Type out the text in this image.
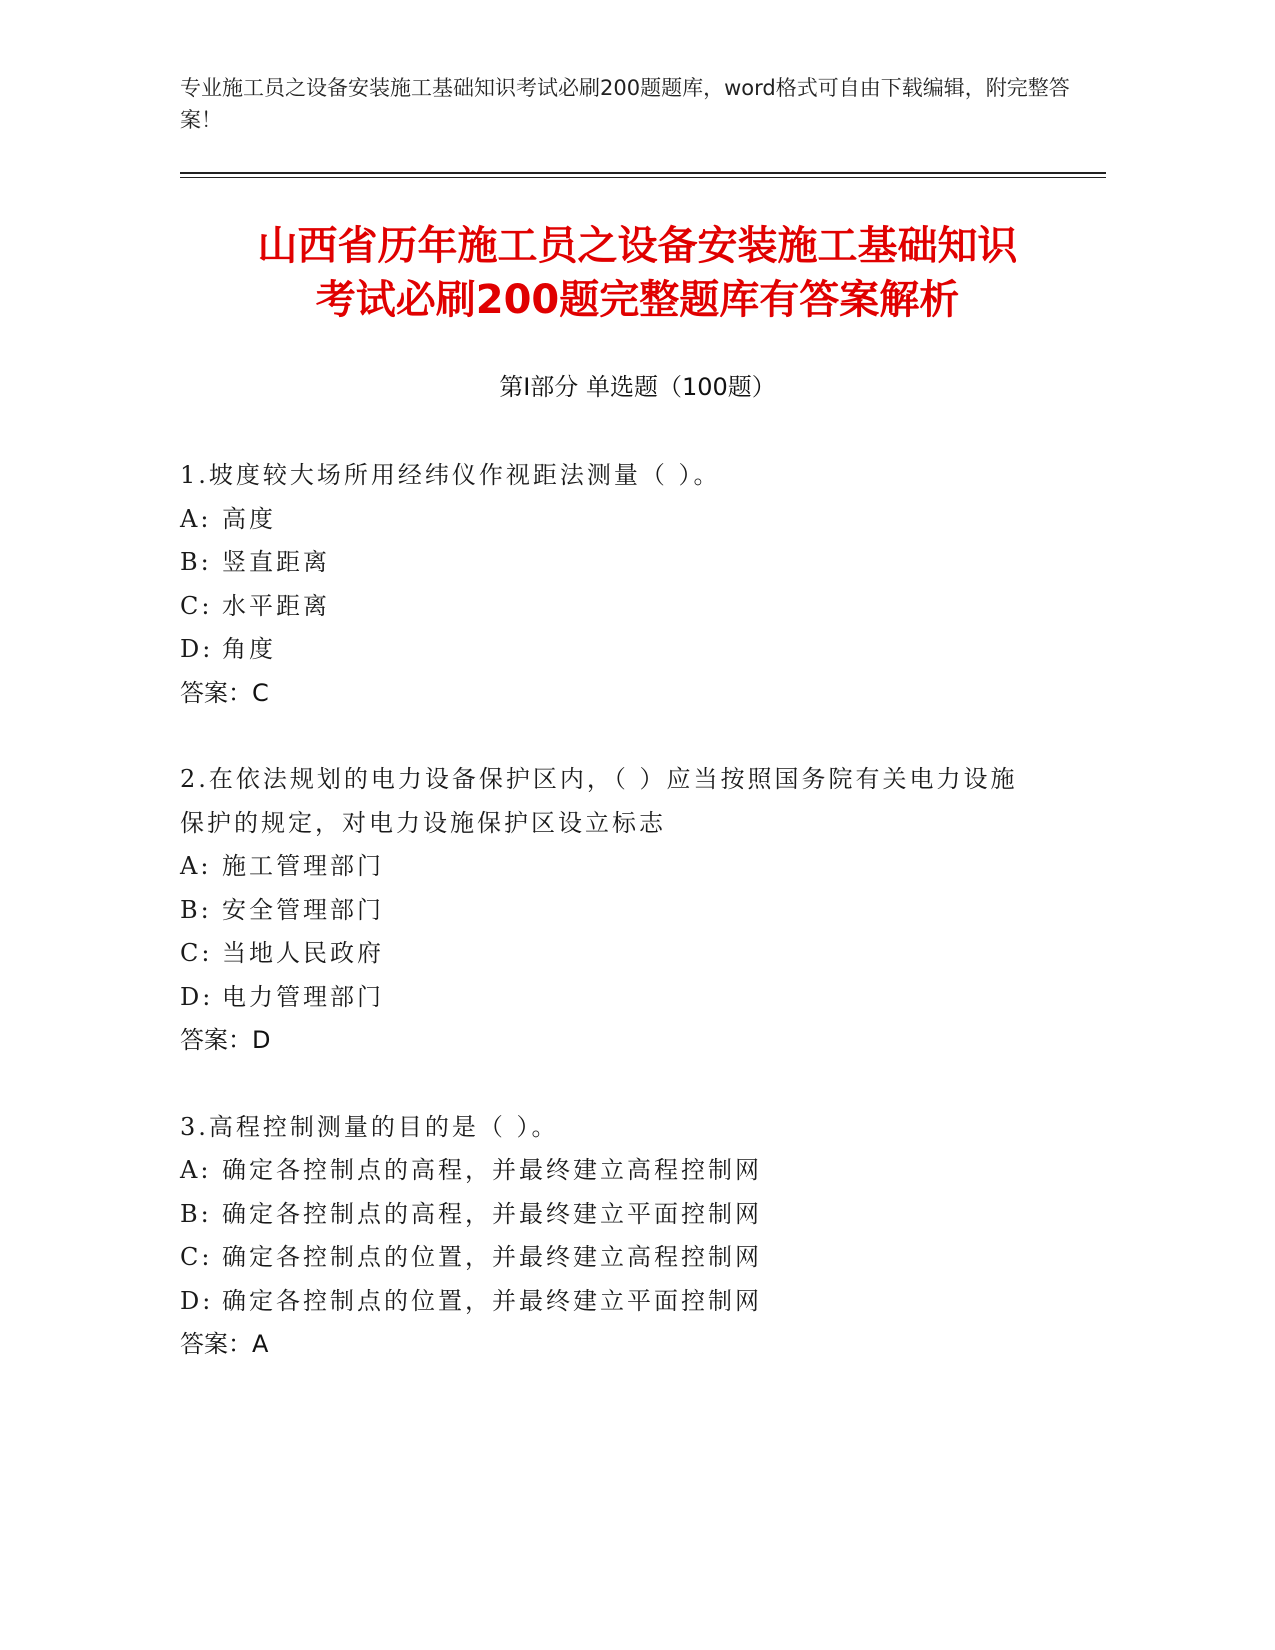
专业施工员之设备安装施工基础知识考试必刷200题题库，word格式可自由下载编辑，附完整答案！
山西省历年施工员之设备安装施工基础知识
考试必刷200题完整题库有答案解析
第Ⅰ部分 单选题（100题）
1.坡度较大场所用经纬仪作视距法测量（ ）。
A: 高度
B: 竖直距离
C: 水平距离
D: 角度
答案：C
2.在依法规划的电力设备保护区内，（ ）应当按照国务院有关电力设施保护的规定，对电力设施保护区设立标志
A: 施工管理部门
B: 安全管理部门
C: 当地人民政府
D: 电力管理部门
答案：D
3.高程控制测量的目的是（ ）。
A: 确定各控制点的高程，并最终建立高程控制网
B: 确定各控制点的高程，并最终建立平面控制网
C: 确定各控制点的位置，并最终建立高程控制网
D: 确定各控制点的位置，并最终建立平面控制网
答案：A
